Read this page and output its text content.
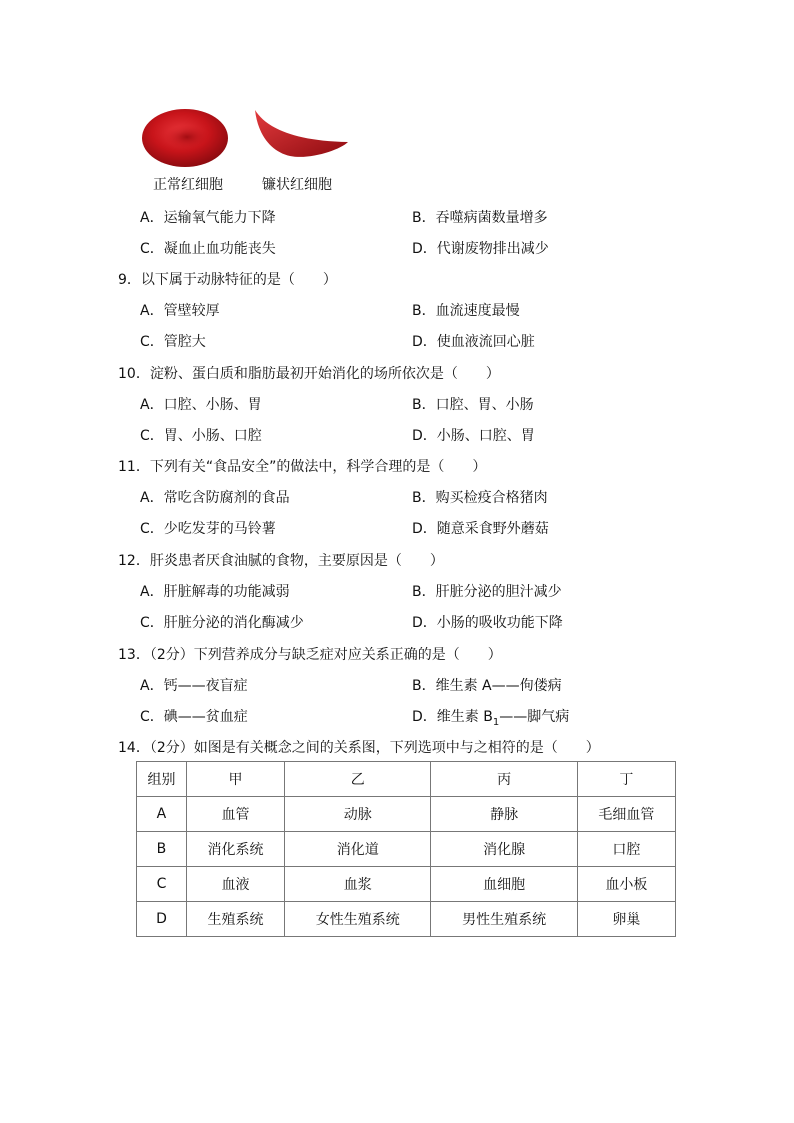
正常红细胞	镰状红细胞
A．运输氧气能力下降	B．吞噬病菌数量增多
C．凝血止血功能丧失	D．代谢废物排出减少
9．以下属于动脉特征的是（　　）
A．管壁较厚	B．血流速度最慢
C．管腔大	D．使血液流回心脏
10．淀粉、蛋白质和脂肪最初开始消化的场所依次是（　　）
A．口腔、小肠、胃	B．口腔、胃、小肠
C．胃、小肠、口腔	D．小肠、口腔、胃
11．下列有关“食品安全”的做法中，科学合理的是（　　）
A．常吃含防腐剂的食品	B．购买检疫合格猪肉
C．少吃发芽的马铃薯	D．随意采食野外蘑菇
12．肝炎患者厌食油腻的食物，主要原因是（　　）
A．肝脏解毒的功能减弱	B．肝脏分泌的胆汁减少
C．肝脏分泌的消化酶减少	D．小肠的吸收功能下降
13．（2分）下列营养成分与缺乏症对应关系正确的是（　　）
A．钙——夜盲症	B．维生素 A——佝偻病
C．碘——贫血症	D．维生素 $B_1——$脚气病
14．（2分）如图是有关概念之间的关系图，下列选项中与之相符的是（　　）
组别	甲	乙	丙	丁
A	血管	动脉	静脉	毛细血管
B	消化系统	消化道	消化腺	口腔
C	血液	血浆	血细胞	血小板
D	生殖系统	女性生殖系统	男性生殖系统	卵巢
